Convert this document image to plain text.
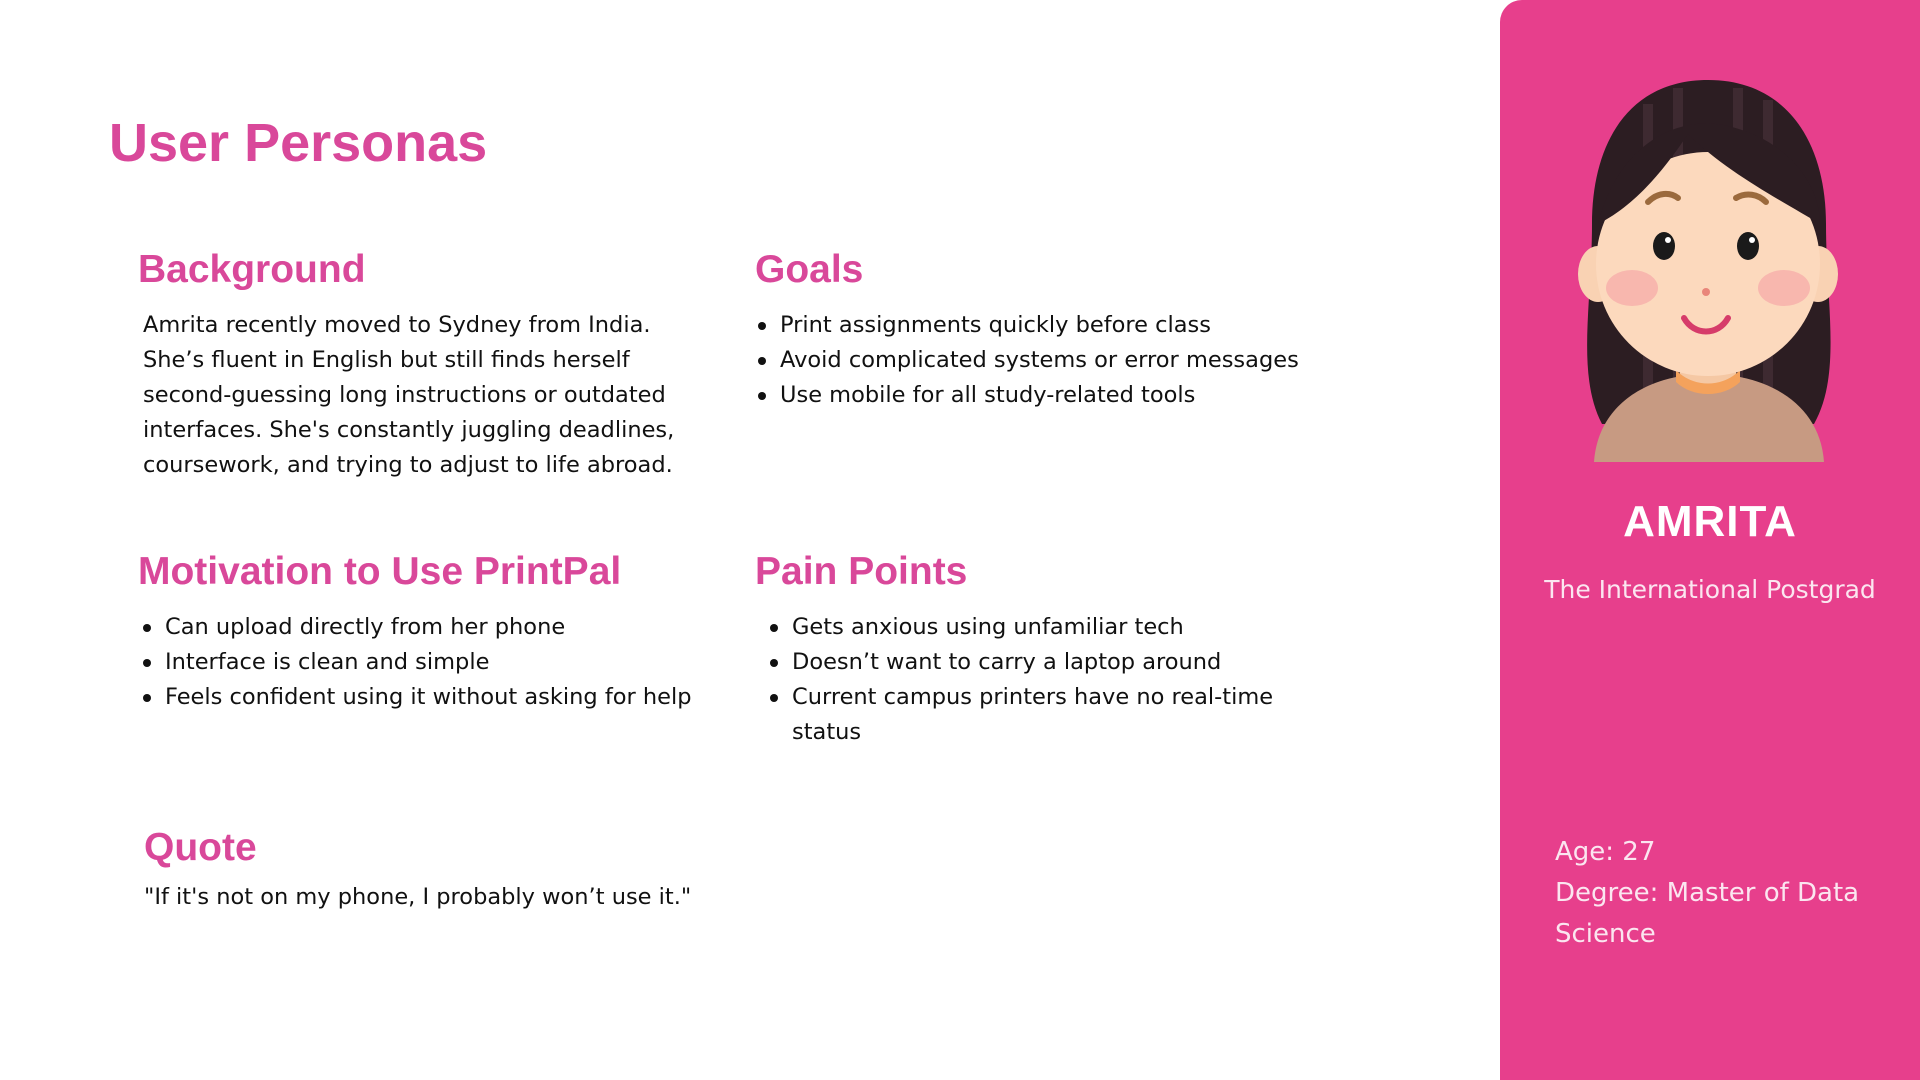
User Personas
Background

Amrita recently moved to Sydney from India. She’s fluent in English but still finds herself second-guessing long instructions or outdated interfaces. She's constantly juggling deadlines, coursework, and trying to adjust to life abroad.

Goals
Print assignments quickly before class
Avoid complicated systems or error messages
Use mobile for all study-related tools
Motivation to Use PrintPal
Can upload directly from her phone
Interface is clean and simple
Feels confident using it without asking for help
Pain Points
Gets anxious using unfamiliar tech
Doesn’t want to carry a laptop around
Current campus printers have no real-time status
Quote

"If it's not on my phone, I probably won’t use it."

AMRITA
The International Postgrad
Age: 27
Degree: Master of Data Science
